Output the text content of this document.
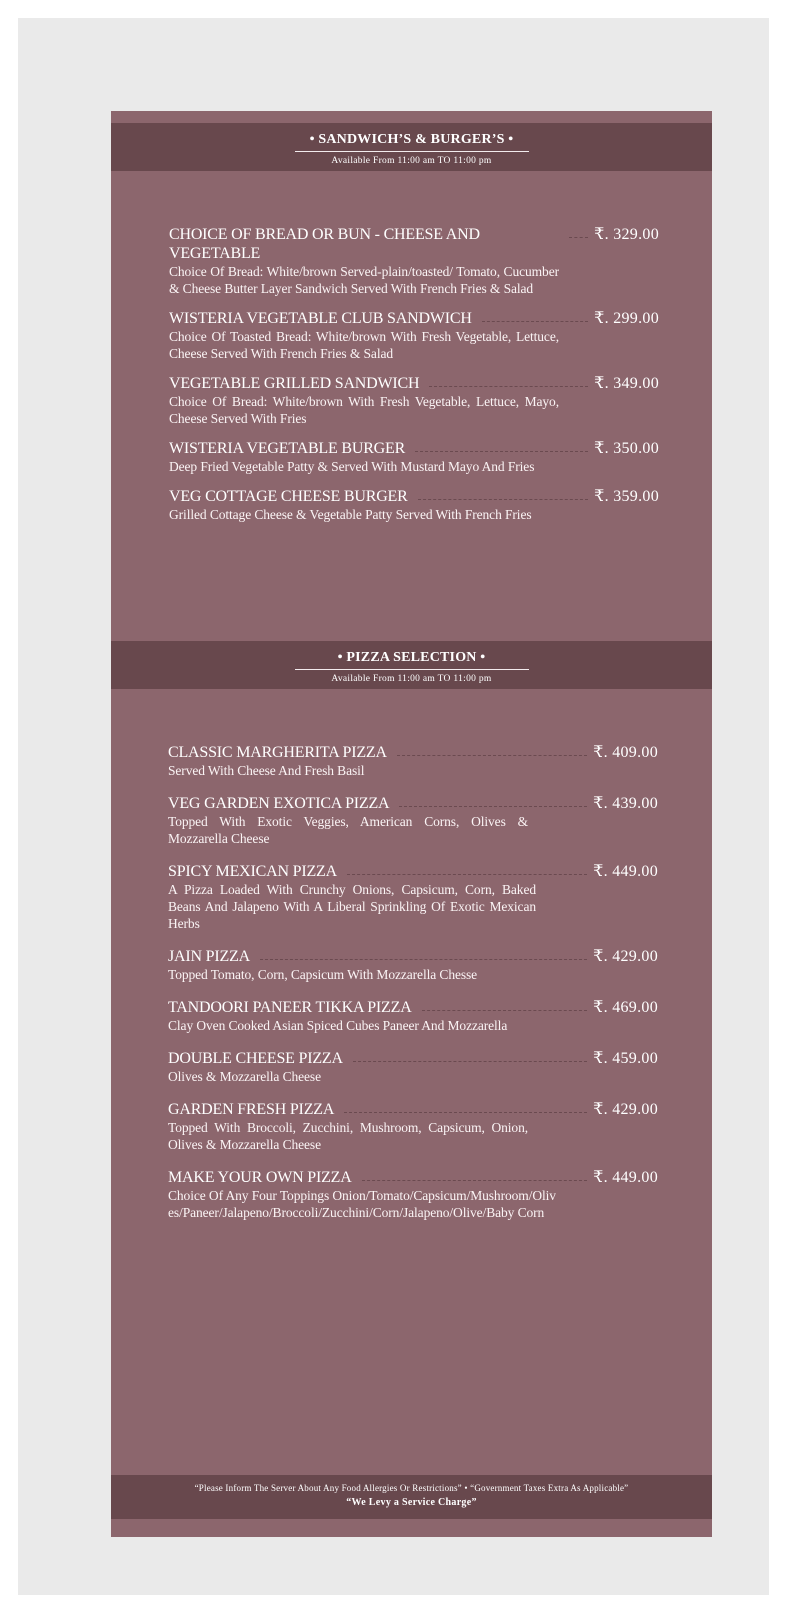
• SANDWICH’S & BURGER’S •
Available From 11:00 am TO 11:00 pm
CHOICE OF BREAD OR BUN - CHEESE AND VEGETABLE
₹. 329.00
Choice Of Bread: White/brown Served-plain/toasted/ Tomato, Cucumber & Cheese Butter Layer Sandwich Served With French Fries & Salad
WISTERIA VEGETABLE CLUB SANDWICH	₹. 299.00
Choice Of Toasted Bread: White/brown With Fresh Vegetable, Lettuce, Cheese Served With French Fries & Salad
VEGETABLE GRILLED SANDWICH	₹. 349.00
Choice Of Bread: White/brown With Fresh Vegetable, Lettuce, Mayo, Cheese Served With Fries
WISTERIA VEGETABLE BURGER	₹. 350.00
Deep Fried Vegetable Patty & Served With Mustard Mayo And Fries
VEG COTTAGE CHEESE BURGER	₹. 359.00
Grilled Cottage Cheese & Vegetable Patty Served With French Fries
• PIZZA SELECTION •
Available From 11:00 am TO 11:00 pm
CLASSIC MARGHERITA PIZZA	₹. 409.00
Served With Cheese And Fresh Basil
VEG GARDEN EXOTICA PIZZA	₹. 439.00
Topped With Exotic Veggies, American Corns, Olives & Mozzarella Cheese
SPICY MEXICAN PIZZA	₹. 449.00
A Pizza Loaded With Crunchy Onions, Capsicum, Corn, Baked Beans And Jalapeno With A Liberal Sprinkling Of Exotic Mexican Herbs
JAIN PIZZA	₹. 429.00
Topped Tomato, Corn, Capsicum With Mozzarella Chesse
TANDOORI PANEER TIKKA PIZZA	₹. 469.00
Clay Oven Cooked Asian Spiced Cubes Paneer And Mozzarella
DOUBLE CHEESE PIZZA	₹. 459.00
Olives & Mozzarella Cheese
GARDEN FRESH PIZZA	₹. 429.00
Topped With Broccoli, Zucchini, Mushroom, Capsicum, Onion, Olives & Mozzarella Cheese
MAKE YOUR OWN PIZZA	₹. 449.00
Choice Of Any Four Toppings Onion/Tomato/Capsicum/Mushroom/Olives/Paneer/Jalapeno/Broccoli/Zucchini/Corn/Jalapeno/Olive/Baby Corn
“Please Inform The Server About Any Food Allergies Or Restrictions” • “Government Taxes Extra As Applicable”
“We Levy a Service Charge”
